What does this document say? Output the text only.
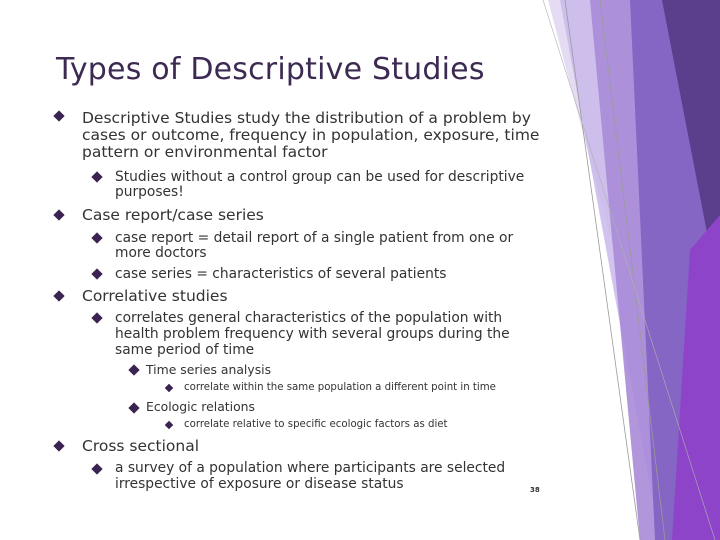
Types of Descriptive Studies
Descriptive Studies study the distribution of a problem by
cases or outcome, frequency in population, exposure, time
pattern or environmental factor
Studies without a control group can be used for descriptive
purposes!
Case report/case series
case report = detail report of a single patient from one or
more doctors
case series = characteristics of several patients
Correlative studies
correlates general characteristics of the population with
health problem frequency with several groups during the
same period of time
Time series analysis
correlate within the same population a different point in time
Ecologic relations
correlate relative to specific ecologic factors as diet
Cross sectional
a survey of a population where participants are selected
irrespective of exposure or disease status	38
